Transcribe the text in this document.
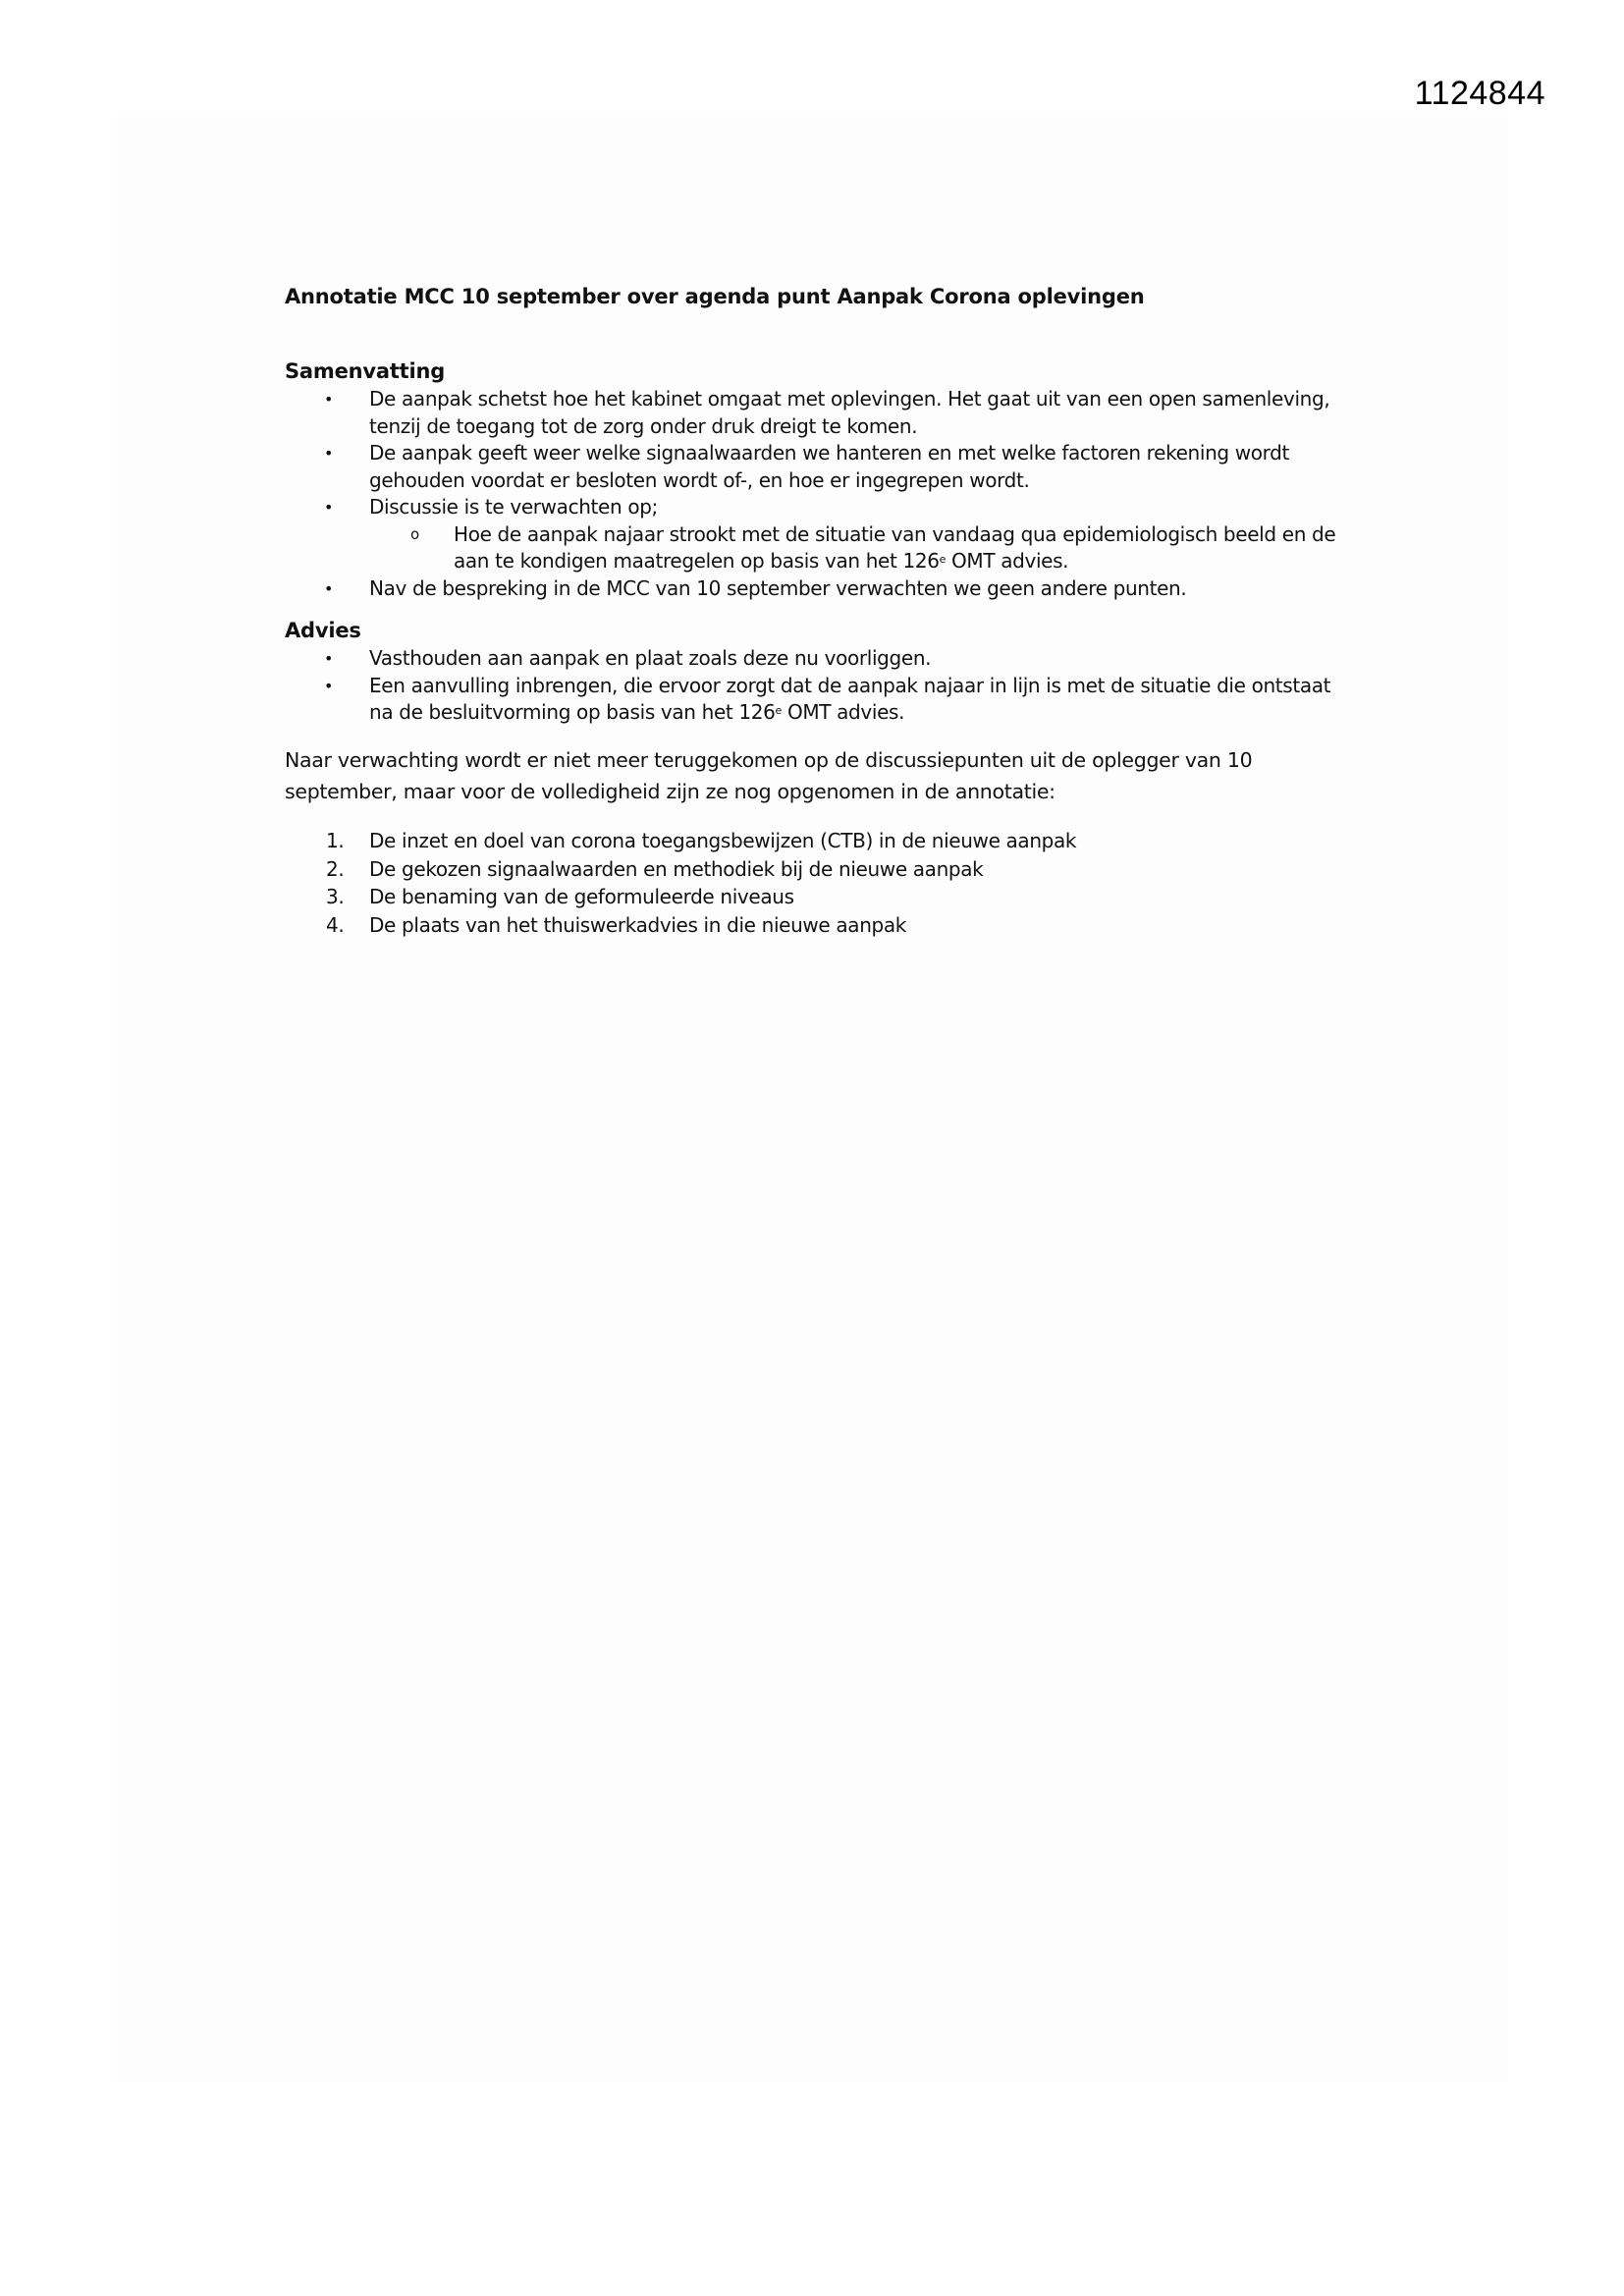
1124844
Annotatie MCC 10 september over agenda punt Aanpak Corona oplevingen
Samenvatting
• De aanpak schetst hoe het kabinet omgaat met oplevingen. Het gaat uit van een open samenleving, tenzij de toegang tot de zorg onder druk dreigt te komen.
• De aanpak geeft weer welke signaalwaarden we hanteren en met welke factoren rekening wordt gehouden voordat er besloten wordt of-, en hoe er ingegrepen wordt.
• Discussie is te verwachten op;
o Hoe de aanpak najaar strookt met de situatie van vandaag qua epidemiologisch beeld en de aan te kondigen maatregelen op basis van het 126e OMT advies.
• Nav de bespreking in de MCC van 10 september verwachten we geen andere punten.
Advies
• Vasthouden aan aanpak en plaat zoals deze nu voorliggen.
• Een aanvulling inbrengen, die ervoor zorgt dat de aanpak najaar in lijn is met de situatie die ontstaat na de besluitvorming op basis van het 126e OMT advies.

Naar verwachting wordt er niet meer teruggekomen op de discussiepunten uit de oplegger van 10 september, maar voor de volledigheid zijn ze nog opgenomen in de annotatie:

1. De inzet en doel van corona toegangsbewijzen (CTB) in de nieuwe aanpak
2. De gekozen signaalwaarden en methodiek bij de nieuwe aanpak
3. De benaming van de geformuleerde niveaus
4. De plaats van het thuiswerkadvies in die nieuwe aanpak
